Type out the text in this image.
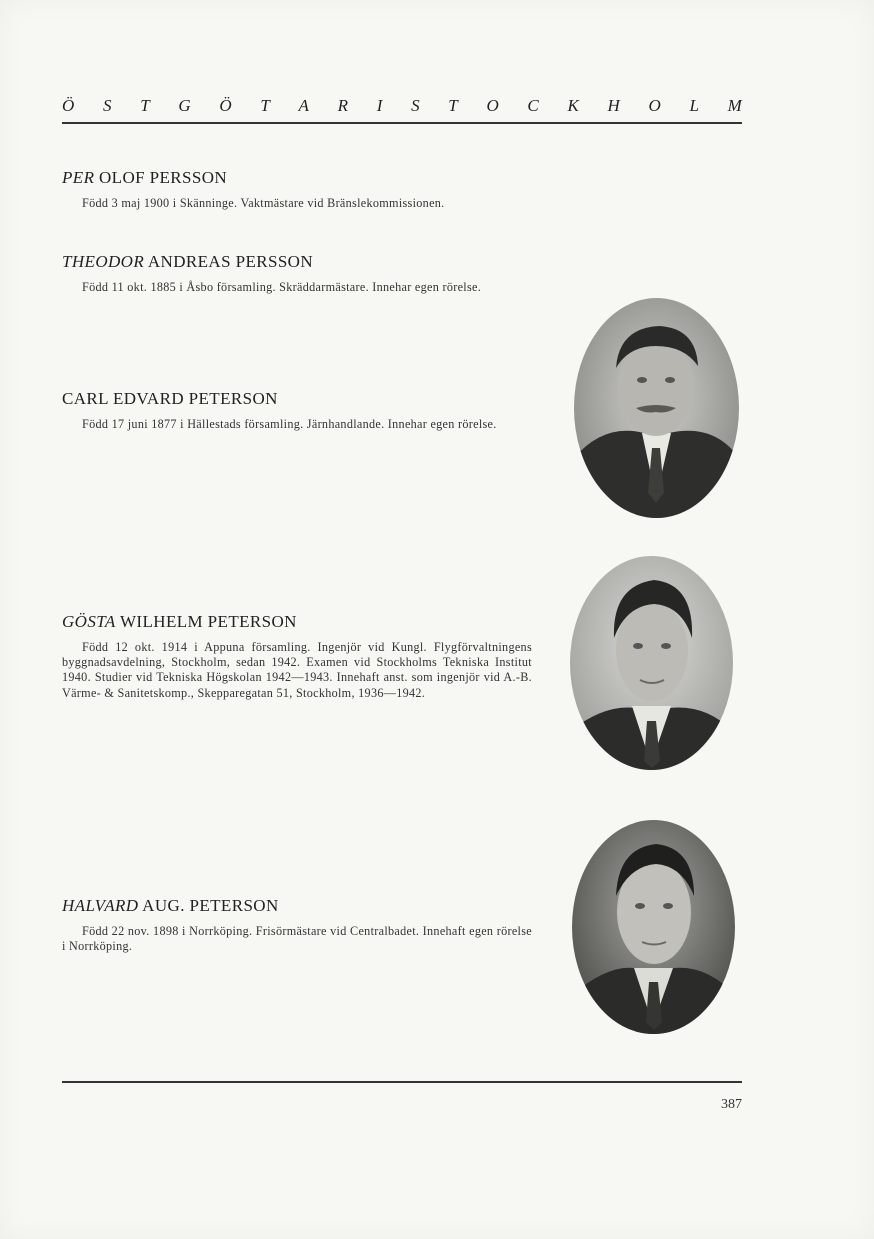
Ö S T G Ö T A R I S T O C K H O L M

PER OLOF PERSSON

Född 3 maj 1900 i Skänninge. Vaktmästare vid Bränslekommissionen.

THEODOR ANDREAS PERSSON

Född 11 okt. 1885 i Åsbo församling. Skräddarmästare. Innehar egen rörelse.

CARL EDVARD PETERSON

Född 17 juni 1877 i Hällestads församling. Järnhandlande. Innehar egen rörelse.

GÖSTA WILHELM PETERSON

Född 12 okt. 1914 i Appuna församling. Ingenjör vid Kungl. Flygförvaltningens byggnadsavdelning, Stockholm, sedan 1942. Examen vid Stockholms Tekniska Institut 1940. Studier vid Tekniska Högskolan 1942—1943. Innehaft anst. som ingenjör vid A.-B. Värme- & Sanitetskomp., Skepparegatan 51, Stockholm, 1936—1942.

HALVARD AUG. PETERSON

Född 22 nov. 1898 i Norrköping. Frisörmästare vid Centralbadet. Innehaft egen rörelse i Norrköping.

387
